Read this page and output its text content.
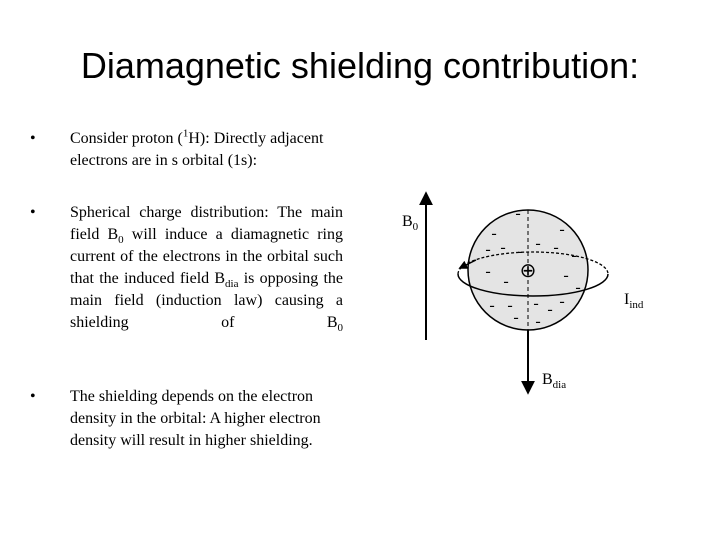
Diamagnetic shielding contribution:
• Consider proton ($^1$H): Directly adjacent electrons are in s orbital (1s):
• Spherical charge distribution: The main field $B_0$ will induce a diamagnetic ring current of the electrons in the orbital such that the induced field $B_{dia}$ is opposing the main field (induction law) causing a shielding of $B_0$
• The shielding depends on the electron density in the orbital: A higher electron density will result in higher shielding.
⊕
-
-	-
- - - - - -
-
-	-
-
- - - - -
- -
$B_0$
$I_{ind}$
$B_{dia}$
